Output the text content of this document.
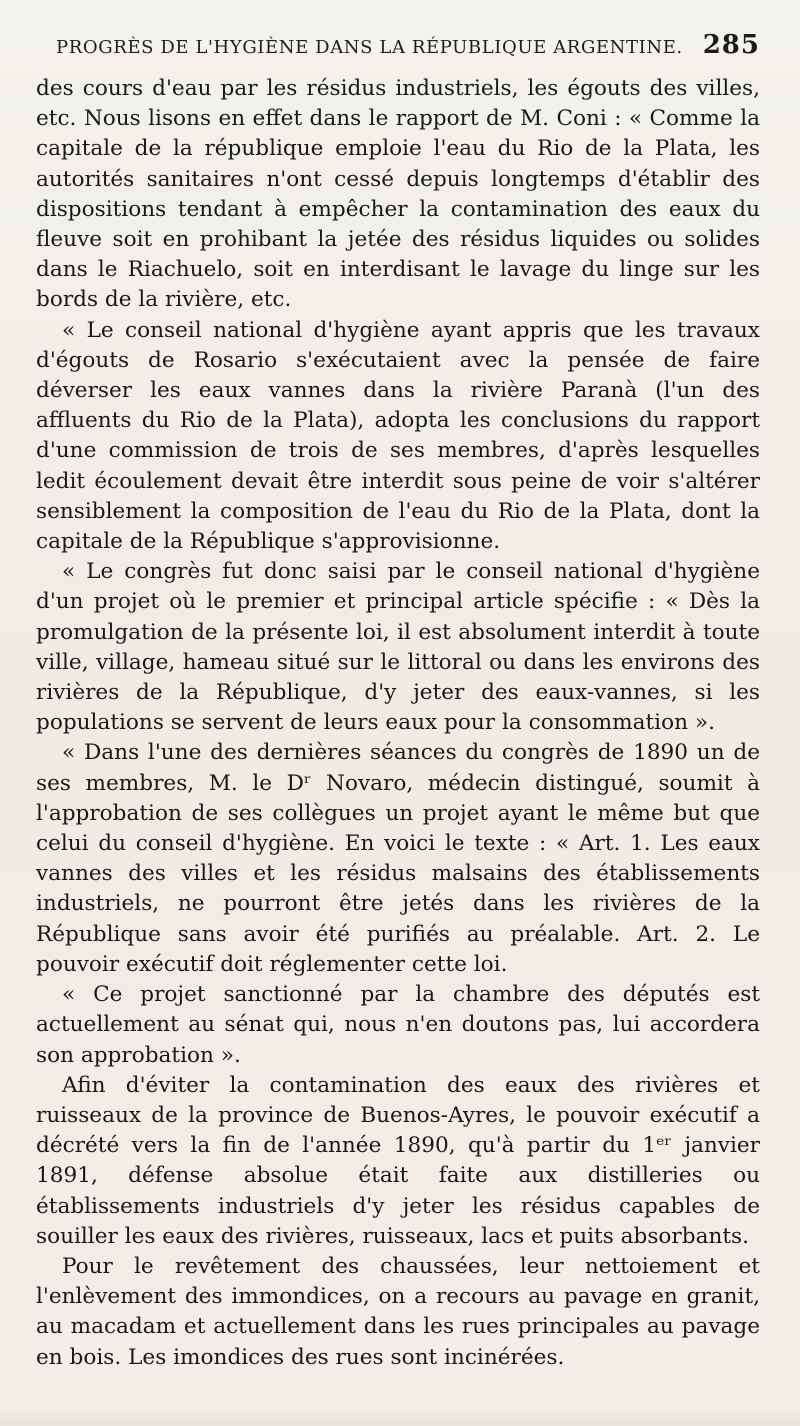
PROGRÈS DE L'HYGIÈNE DANS LA RÉPUBLIQUE ARGENTINE. 285

des cours d'eau par les résidus industriels, les égouts des villes, etc. Nous lisons en effet dans le rapport de M. Coni : « Comme la capitale de la république emploie l'eau du Rio de la Plata, les autorités sanitaires n'ont cessé depuis longtemps d'établir des dispositions tendant à empêcher la contamination des eaux du fleuve soit en prohibant la jetée des résidus liquides ou solides dans le Riachuelo, soit en interdisant le lavage du linge sur les bords de la rivière, etc.

« Le conseil national d'hygiène ayant appris que les travaux d'égouts de Rosario s'exécutaient avec la pensée de faire déverser les eaux vannes dans la rivière Paranà (l'un des affluents du Rio de la Plata), adopta les conclusions du rapport d'une commission de trois de ses membres, d'après lesquelles ledit écoulement devait être interdit sous peine de voir s'altérer sensiblement la composition de l'eau du Rio de la Plata, dont la capitale de la République s'approvisionne.

« Le congrès fut donc saisi par le conseil national d'hygiène d'un projet où le premier et principal article spécifie : « Dès la promulgation de la présente loi, il est absolument interdit à toute ville, village, hameau situé sur le littoral ou dans les environs des rivières de la République, d'y jeter des eaux-vannes, si les populations se servent de leurs eaux pour la consommation ».

« Dans l'une des dernières séances du congrès de 1890 un de ses membres, M. le Dʳ Novaro, médecin distingué, soumit à l'approbation de ses collègues un projet ayant le même but que celui du conseil d'hygiène. En voici le texte : « Art. 1. Les eaux vannes des villes et les résidus malsains des établissements industriels, ne pourront être jetés dans les rivières de la République sans avoir été purifiés au préalable. Art. 2. Le pouvoir exécutif doit réglementer cette loi.

« Ce projet sanctionné par la chambre des députés est actuellement au sénat qui, nous n'en doutons pas, lui accordera son approbation ».

Afin d'éviter la contamination des eaux des rivières et ruisseaux de la province de Buenos-Ayres, le pouvoir exécutif a décrété vers la fin de l'année 1890, qu'à partir du 1ᵉʳ janvier 1891, défense absolue était faite aux distilleries ou établissements industriels d'y jeter les résidus capables de souiller les eaux des rivières, ruisseaux, lacs et puits absorbants.

Pour le revêtement des chaussées, leur nettoiement et l'enlèvement des immondices, on a recours au pavage en granit, au macadam et actuellement dans les rues principales au pavage en bois. Les imondices des rues sont incinérées.
